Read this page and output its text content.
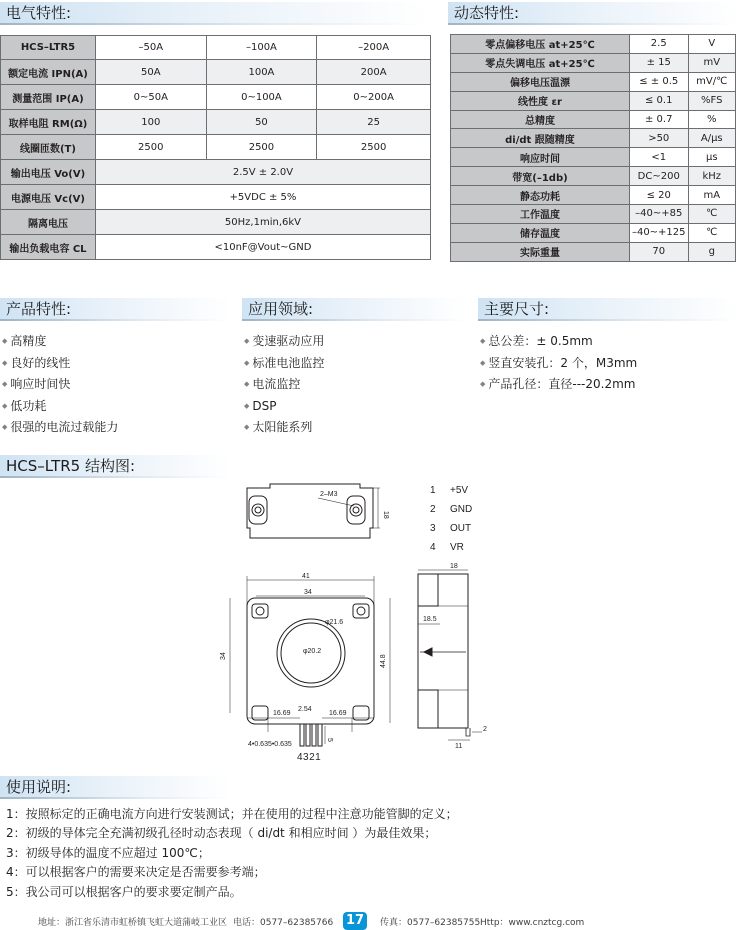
电气特性:	动态特性:
HCS–LTR5	–50A	–100A	–200A
额定电流 IPN(A)	50A	100A	200A
测量范围 IP(A)	0~50A	0~100A	0~200A
取样电阻 RM(Ω)	100	50	25
线圈匝数(T)	2500	2500	2500
输出电压 Vo(V)	2.5V ± 2.0V		
电源电压 Vc(V)	+5VDC ± 5%		
隔离电压	50Hz,1min,6kV		
输出负载电容 CL	<10nF@Vout~GND		
零点偏移电压 at+25℃	2.5	V
零点失调电压 at+25℃	± 15	mV
偏移电压温漂	≤ ± 0.5	mV/℃
线性度 εr	≤ 0.1	%FS
总精度	± 0.7	%
di/dt 跟随精度	>50	A/µs
响应时间	<1	µs
带宽(–1db)	DC~200	kHz
静态功耗	≤ 20	mA
工作温度	–40~+85	℃
储存温度	–40~+125	℃
实际重量	70	g
产品特性:	应用领域:	主要尺寸:
◆ 高精度
◆ 良好的线性
◆ 响应时间快
◆ 低功耗
◆ 很强的电流过载能力
◆ 变速驱动应用
◆ 标准电池监控
◆ 电流监控
◆ DSP
◆ 太阳能系列
◆ 总公差：± 0.5mm
◆ 竖直安装孔：2 个，M3mm
◆ 产品孔径：直径---20.2mm
HCS–LTR5 结构图:
2–M3
18
1 +5V
2 GND
3 OUT
4 VR
41
34
34	44.8
φ21.6
φ20.2
16.69
2.54
16.69
5
4•0.635•0.635
4321
18
18.5
2
11
使用说明:
1：按照标定的正确电流方向进行安装测试；并在使用的过程中注意功能管脚的定义；
2：初级的导体完全充满初级孔径时动态表现（ di/dt 和相应时间 ）为最佳效果；
3：初级导体的温度不应超过 100℃；
4：可以根据客户的需要来决定是否需要参考端；
5：我公司可以根据客户的要求要定制产品。
地址：浙江省乐清市虹桥镇飞虹大道蒲岐工业区 电话：0577–62385766 17	传真：0577–62385755 Http：www.cnztcg.com
